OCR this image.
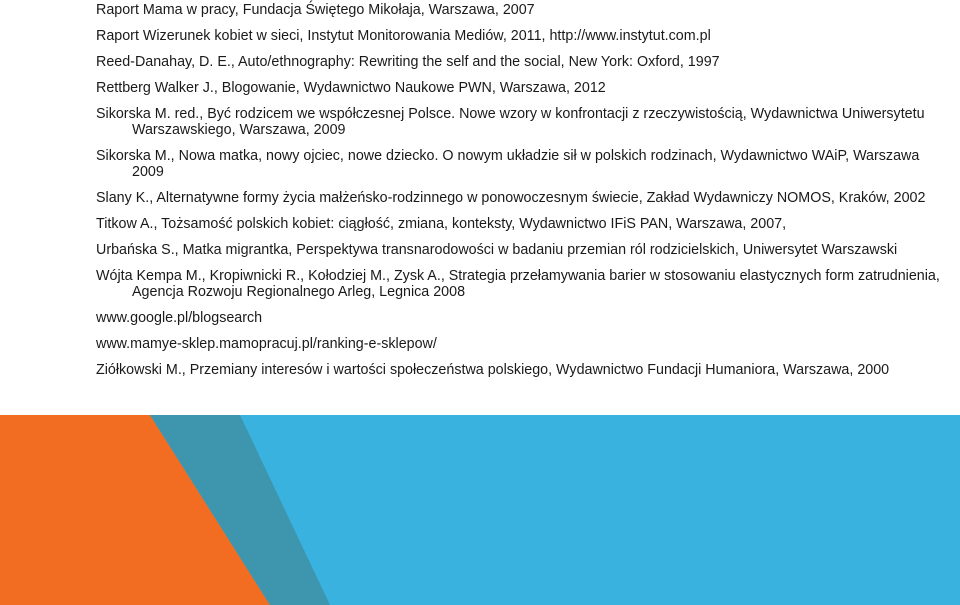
Raport Mama w pracy, Fundacja Świętego Mikołaja, Warszawa, 2007
Raport Wizerunek kobiet w sieci, Instytut Monitorowania Mediów, 2011, http://www.instytut.com.pl
Reed-Danahay, D. E., Auto/ethnography: Rewriting the self and the social, New York: Oxford, 1997
Rettberg Walker J., Blogowanie, Wydawnictwo Naukowe PWN, Warszawa, 2012
Sikorska M. red., Być rodzicem we współczesnej Polsce. Nowe wzory w konfrontacji z rzeczywistością, Wydawnictwa Uniwersytetu Warszawskiego, Warszawa, 2009
Sikorska M., Nowa matka, nowy ojciec, nowe dziecko. O nowym układzie sił w polskich rodzinach, Wydawnictwo WAiP, Warszawa 2009
Slany K., Alternatywne formy życia małżeńsko-rodzinnego w ponowoczesnym świecie, Zakład Wydawniczy NOMOS, Kraków, 2002
Titkow A., Tożsamość polskich kobiet: ciągłość, zmiana, konteksty, Wydawnictwo IFiS PAN, Warszawa, 2007,
Urbańska S., Matka migrantka, Perspektywa transnarodowości w badaniu przemian ról rodzicielskich, Uniwersytet Warszawski
Wójta Kempa M., Kropiwnicki R., Kołodziej M., Zysk A., Strategia przełamywania barier w stosowaniu elastycznych form zatrudnienia, Agencja Rozwoju Regionalnego Arleg, Legnica 2008
www.google.pl/blogsearch
www.mamye-sklep.mamopracuj.pl/ranking-e-sklepow/
Ziółkowski M., Przemiany interesów i wartości społeczeństwa polskiego, Wydawnictwo Fundacji Humaniora, Warszawa, 2000
